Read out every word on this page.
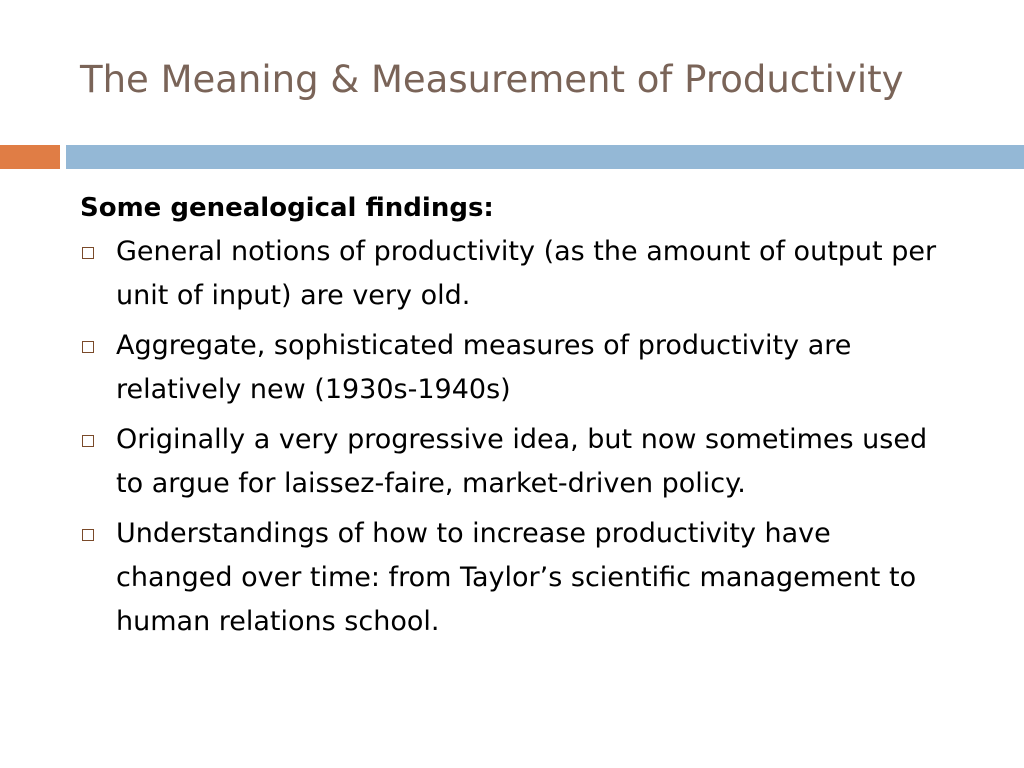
The Meaning & Measurement of Productivity

Some genealogical findings:

General notions of productivity (as the amount of output per unit of input) are very old.
Aggregate, sophisticated measures of productivity are relatively new (1930s-1940s)
Originally a very progressive idea, but now sometimes used to argue for laissez-faire, market-driven policy.
Understandings of how to increase productivity have changed over time: from Taylor’s scientific management to human relations school.
